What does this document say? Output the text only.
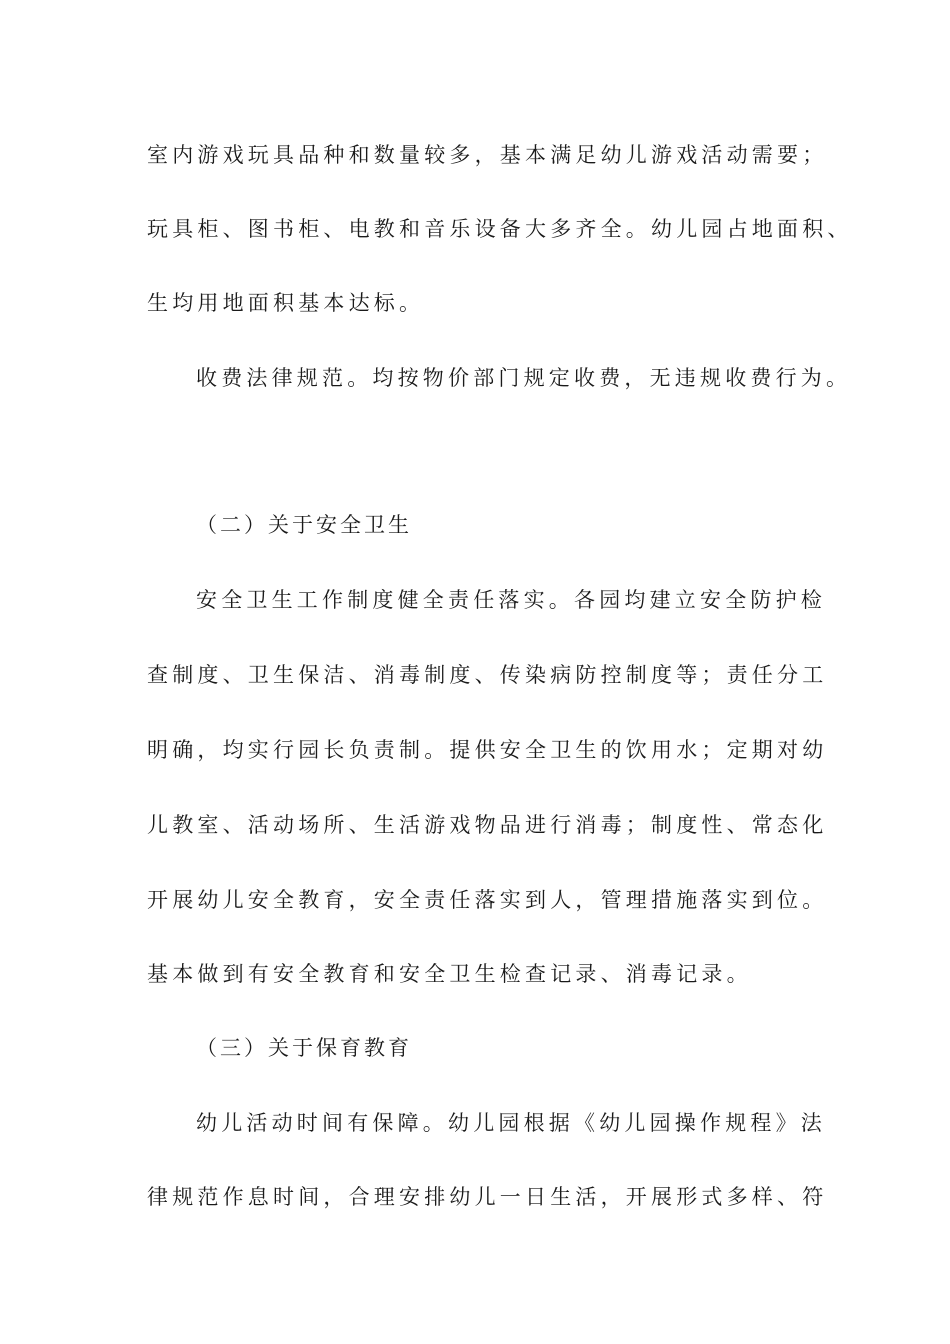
室内游戏玩具品种和数量较多，基本满足幼儿游戏活动需要；
玩具柜、图书柜、电教和音乐设备大多齐全。幼儿园占地面积、
生均用地面积基本达标。
收费法律规范。均按物价部门规定收费，无违规收费行为。
（二）关于安全卫生
安全卫生工作制度健全责任落实。各园均建立安全防护检
查制度、卫生保洁、消毒制度、传染病防控制度等；责任分工
明确，均实行园长负责制。提供安全卫生的饮用水；定期对幼
儿教室、活动场所、生活游戏物品进行消毒；制度性、常态化
开展幼儿安全教育，安全责任落实到人，管理措施落实到位。
基本做到有安全教育和安全卫生检查记录、消毒记录。
（三）关于保育教育
幼儿活动时间有保障。幼儿园根据《幼儿园操作规程》法
律规范作息时间，合理安排幼儿一日生活，开展形式多样、符
